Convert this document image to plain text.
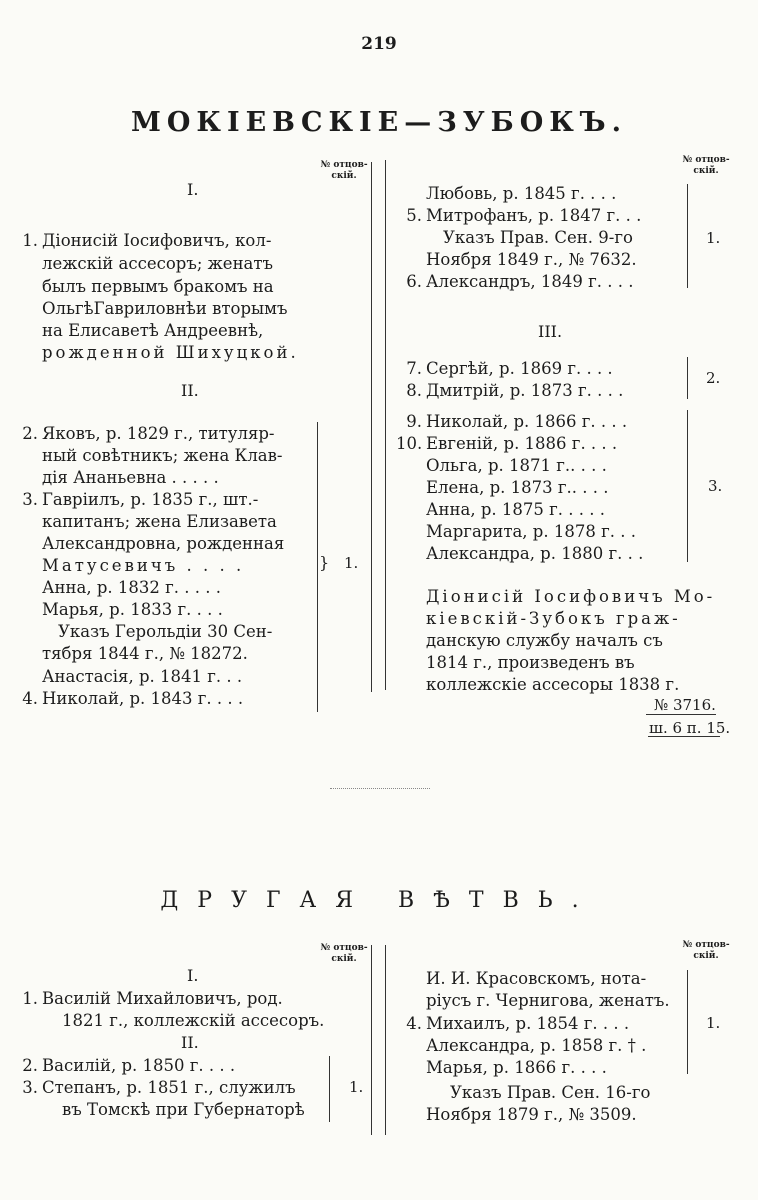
219
МОКІЕВСКІЕ—ЗУБОКЪ.
№ отцов-
скій.
№ отцов-
скій.
I.
1. Діонисій Іосифовичъ, кол-
лежскій ассесоръ; женатъ
былъ первымъ бракомъ на
ОльгѣГавриловнѣи вторымъ
на Елисаветѣ Андреевнѣ,
рожденной Шихуцкой.
II.
2. Яковъ, р. 1829 г., титуляр-
ный совѣтникъ; жена Клав-
дія Ананьевна . . . . .
3. Гавріилъ, р. 1835 г., шт.-
капитанъ; жена Елизавета
Александровна, рожденная
Матусевичъ . . . .
Анна, р. 1832 г. . . . .
Марья, р. 1833 г. . . .
Указъ Герольдіи 30 Сен-
тября 1844 г., № 18272.
Анастасія, р. 1841 г. . .
4. Николай, р. 1843 г. . . .
} 1.
Любовь, р. 1845 г. . . .
5. Митрофанъ, р. 1847 г. . .
Указъ Прав. Сен. 9-го
Ноября 1849 г., № 7632.
6. Александръ, 1849 г. . . .
1.
III.
7. Сергѣй, р. 1869 г. . . .
8. Дмитрій, р. 1873 г. . . .
2.
9. Николай, р. 1866 г. . . .
10. Евгеній, р. 1886 г. . . .
Ольга, р. 1871 г.. . . .
Елена, р. 1873 г.. . . .
Анна, р. 1875 г. . . . .
Маргарита, р. 1878 г. . .
Александра, р. 1880 г. . .
3.
Діонисій Іосифовичъ Мо-
кіевскій-Зубокъ граж-
данскую службу началъ съ
1814 г., произведенъ въ
коллежскіе ассесоры 1838 г.
№ 3716.
ш. 6 п. 15.
ДРУГАЯ ВѢТВЬ.
№ отцов-
скій.
№ отцов-
скій.
I.
1. Василій Михайловичъ, род.
1821 г., коллежскій ассесоръ.
II.
2. Василій, р. 1850 г. . . .
3. Степанъ, р. 1851 г., служилъ
въ Томскѣ при Губернаторѣ
1.
И. И. Красовскомъ, нота-
ріусъ г. Чернигова, женатъ.
4. Михаилъ, р. 1854 г. . . .
Александра, р. 1858 г. † .
Марья, р. 1866 г. . . .
1.
Указъ Прав. Сен. 16-го
Ноября 1879 г., № 3509.
